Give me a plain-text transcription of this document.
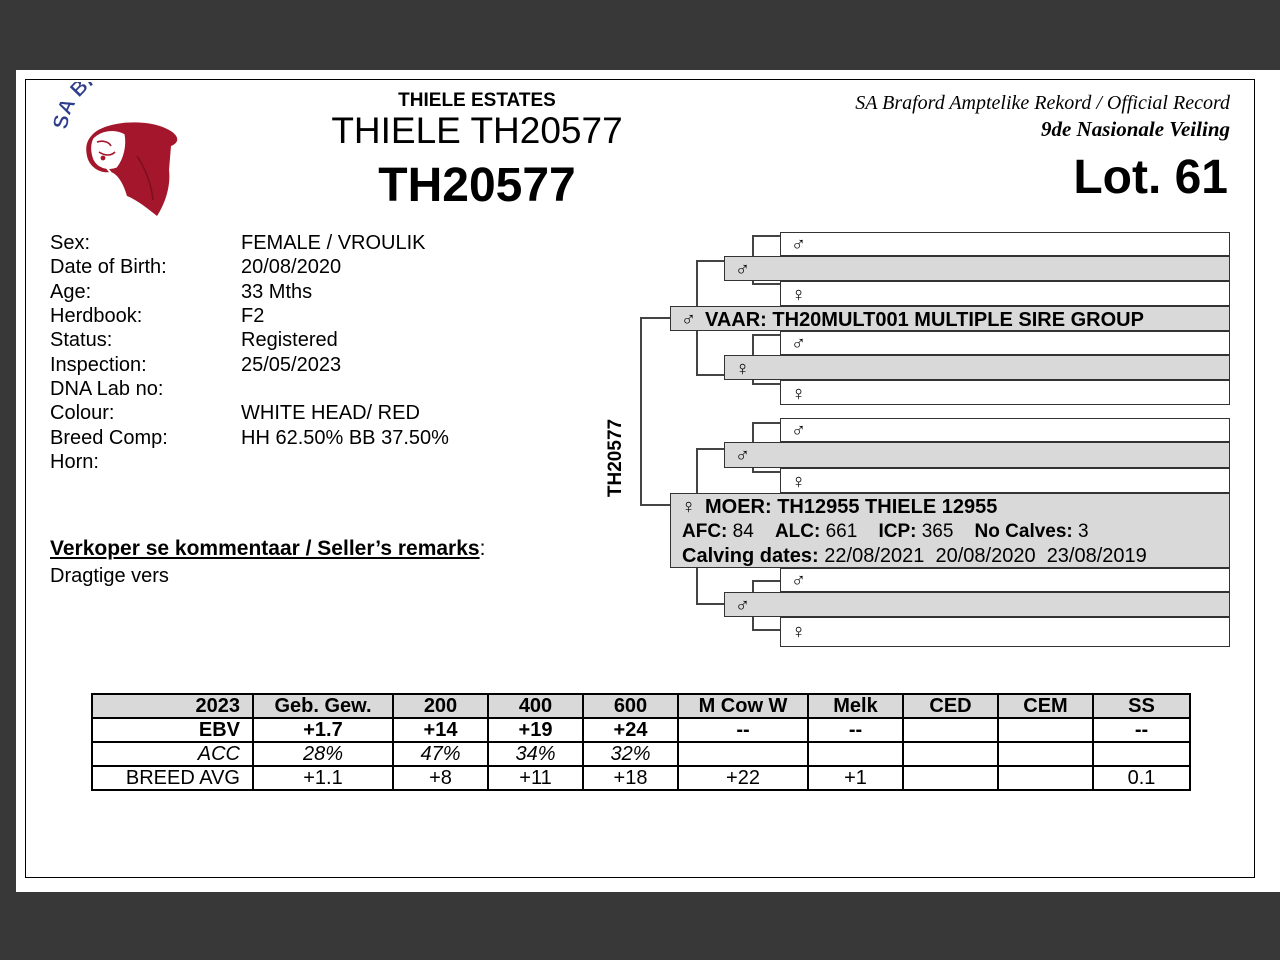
A B	THIELE ESTATES
THIELE TH20577
TH20577
SA Braford Amptelike Rekord / Official Record
9de Nasionale Veiling
Lot. 61
Sex:	FEMALE / VROULIK
Date of Birth:	20/08/2020
Age:	33 Mths
Herdbook:	F2
Status:	Registered
Inspection:	25/05/2023
DNA Lab no:
Colour:	WHITE HEAD/ RED
Breed Comp:	HH 62.50% BB 37.50%
Horn:
Verkoper se kommentaar / Seller’s remarks:
Dragtige vers
TH20577
♂
♂
♀
♂ VAAR: TH20MULT001 MULTIPLE SIRE GROUP
♂
♀
♀
♂
♂
♀
♀ MOER: TH12955 THIELE 12955
AFC: 84 ALC: 661 ICP: 365 No Calves: 3
Calving dates: 22/08/2021  20/08/2020  23/08/2019
♂
♂
♀
2023	Geb. Gew.	200	400	600	M Cow W	Melk	CED	CEM	SS
EBV	+1.7	+14	+19	+24	--	--			--
ACC	28%	47%	34%	32%					
BREED AVG	+1.1	+8	+11	+18	+22	+1			0.1
